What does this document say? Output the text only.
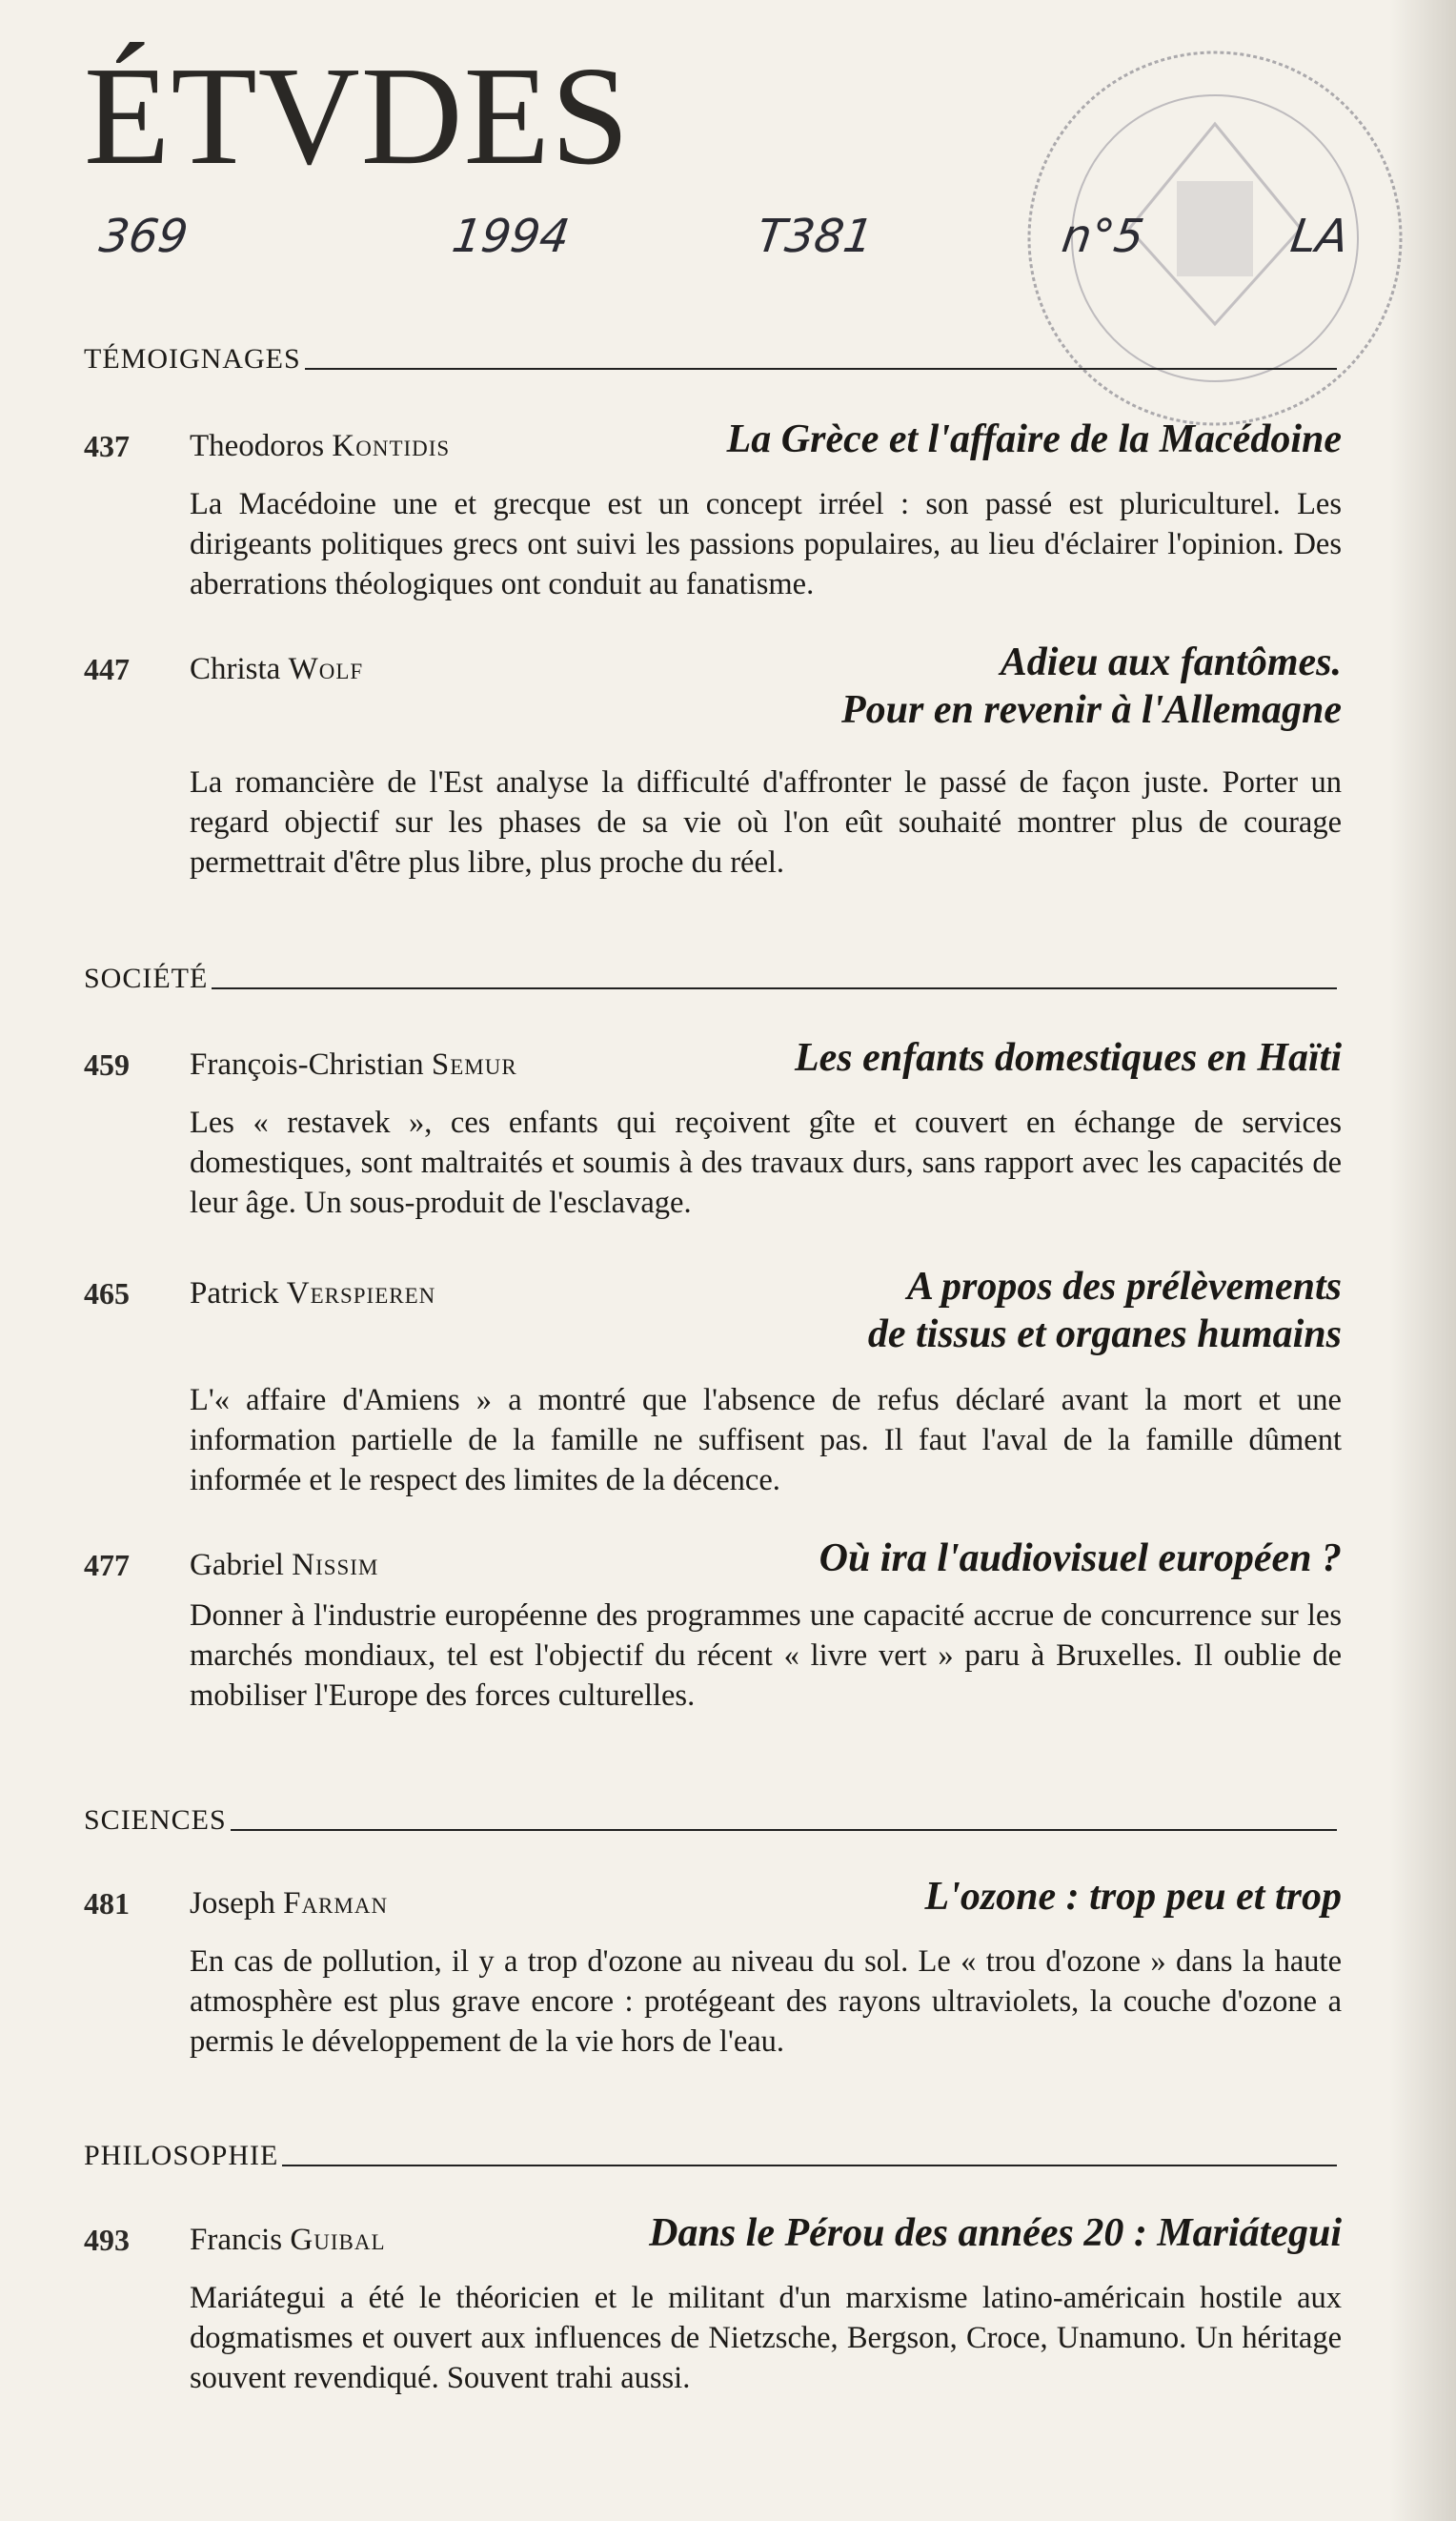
ÉTVDES
369	1994	T381	n°5	LA
TÉMOIGNAGES
437 Theodoros Kontidis	La Grèce et l'affaire de la Macédoine
La Macédoine une et grecque est un concept irréel : son passé est pluriculturel. Les dirigeants politiques grecs ont suivi les passions populaires, au lieu d'éclairer l'opinion. Des aberrations théologiques ont conduit au fanatisme.
447 Christa Wolf	Adieu aux fantômes.
Pour en revenir à l'Allemagne
La romancière de l'Est analyse la difficulté d'affronter le passé de façon juste. Porter un regard objectif sur les phases de sa vie où l'on eût souhaité montrer plus de courage permettrait d'être plus libre, plus proche du réel.
SOCIÉTÉ
459 François-Christian Semur	Les enfants domestiques en Haïti
Les « restavek », ces enfants qui reçoivent gîte et couvert en échange de services domestiques, sont maltraités et soumis à des travaux durs, sans rapport avec les capacités de leur âge. Un sous-produit de l'esclavage.
465 Patrick Verspieren	A propos des prélèvements
de tissus et organes humains
L'« affaire d'Amiens » a montré que l'absence de refus déclaré avant la mort et une information partielle de la famille ne suffisent pas. Il faut l'aval de la famille dûment informée et le respect des limites de la décence.
477 Gabriel Nissim	Où ira l'audiovisuel européen ?
Donner à l'industrie européenne des programmes une capacité accrue de concurrence sur les marchés mondiaux, tel est l'objectif du récent « livre vert » paru à Bruxelles. Il oublie de mobiliser l'Europe des forces culturelles.
SCIENCES
481 Joseph Farman	L'ozone : trop peu et trop
En cas de pollution, il y a trop d'ozone au niveau du sol. Le « trou d'ozone » dans la haute atmosphère est plus grave encore : protégeant des rayons ultraviolets, la couche d'ozone a permis le développement de la vie hors de l'eau.
PHILOSOPHIE
493 Francis Guibal	Dans le Pérou des années 20 : Mariátegui
Mariátegui a été le théoricien et le militant d'un marxisme latino-américain hostile aux dogmatismes et ouvert aux influences de Nietzsche, Bergson, Croce, Unamuno. Un héritage souvent revendiqué. Souvent trahi aussi.
